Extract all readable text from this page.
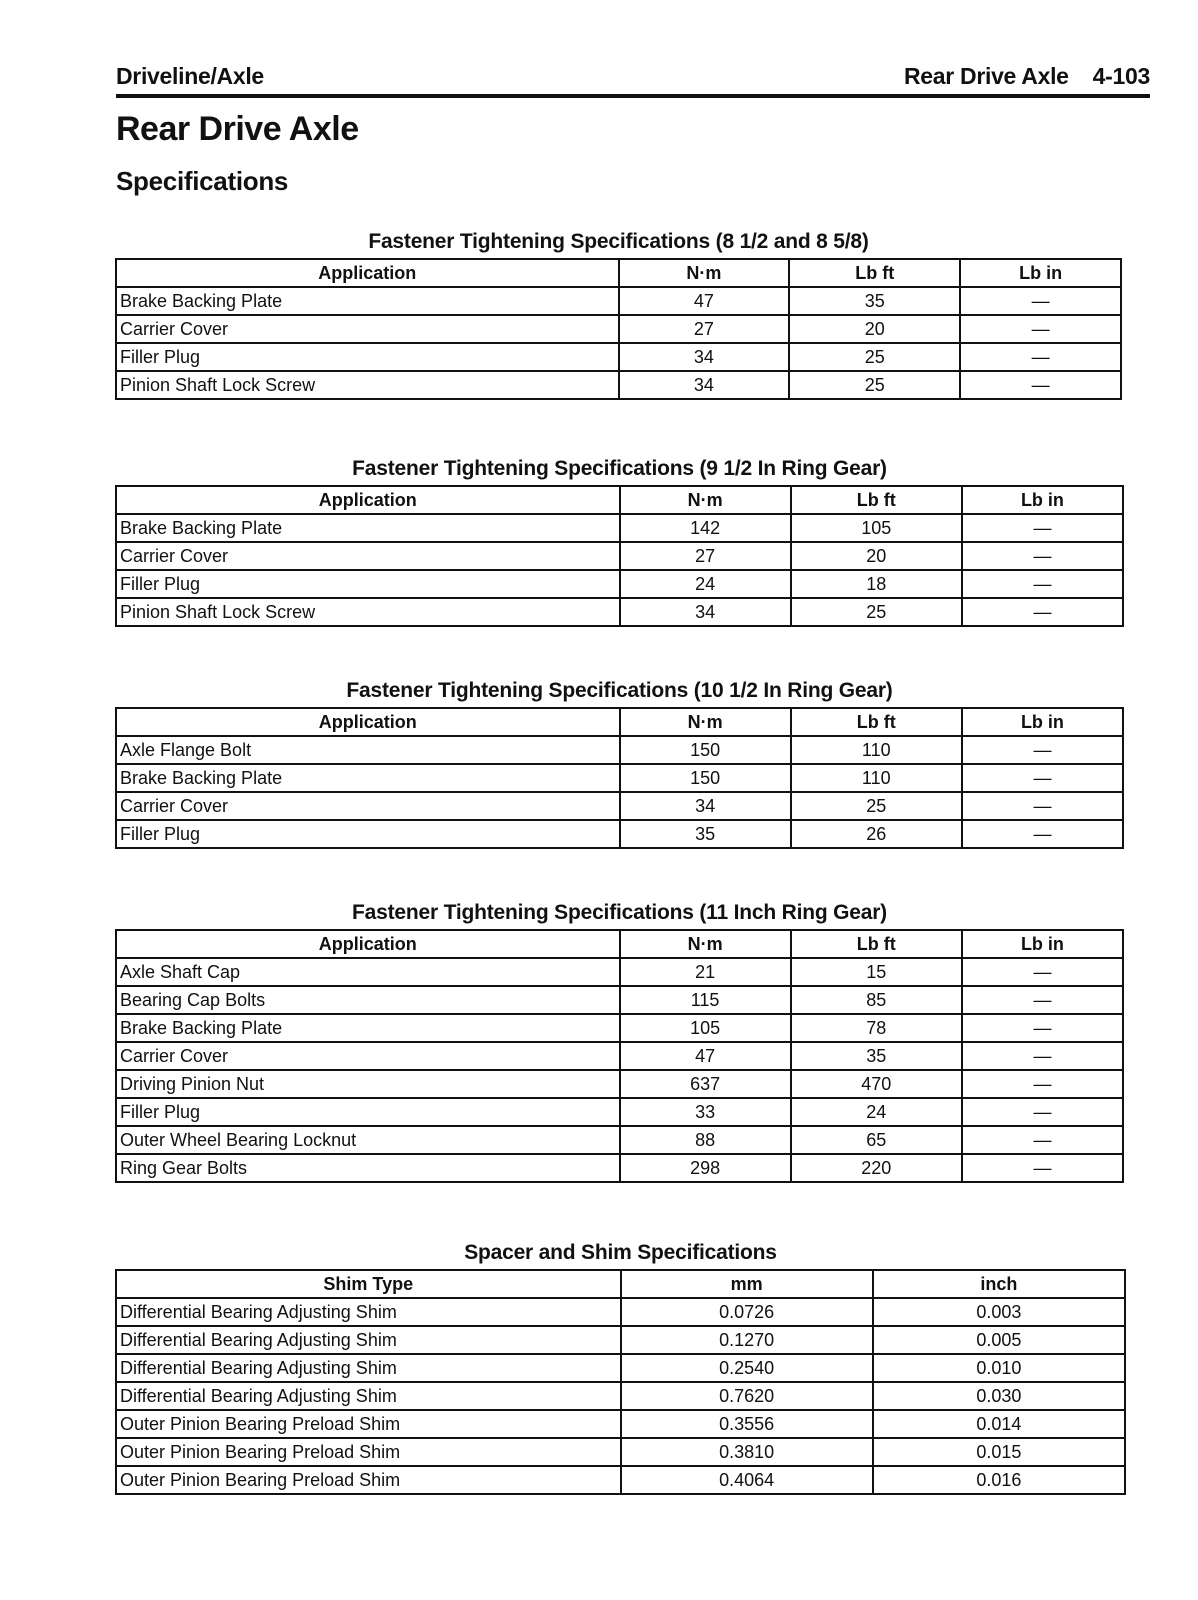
Driveline/Axle	Rear Drive Axle 4-103
Rear Drive Axle
Specifications
Fastener Tightening Specifications (8 1/2 and 8 5/8)
Application	N·m	Lb ft	Lb in
Brake Backing Plate	47	35	—
Carrier Cover	27	20	—
Filler Plug	34	25	—
Pinion Shaft Lock Screw	34	25	—
Fastener Tightening Specifications (9 1/2 In Ring Gear)
Application	N·m	Lb ft	Lb in
Brake Backing Plate	142	105	—
Carrier Cover	27	20	—
Filler Plug	24	18	—
Pinion Shaft Lock Screw	34	25	—
Fastener Tightening Specifications (10 1/2 In Ring Gear)
Application	N·m	Lb ft	Lb in
Axle Flange Bolt	150	110	—
Brake Backing Plate	150	110	—
Carrier Cover	34	25	—
Filler Plug	35	26	—
Fastener Tightening Specifications (11 Inch Ring Gear)
Application	N·m	Lb ft	Lb in
Axle Shaft Cap	21	15	—
Bearing Cap Bolts	115	85	—
Brake Backing Plate	105	78	—
Carrier Cover	47	35	—
Driving Pinion Nut	637	470	—
Filler Plug	33	24	—
Outer Wheel Bearing Locknut	88	65	—
Ring Gear Bolts	298	220	—
Spacer and Shim Specifications
Shim Type	mm	inch
Differential Bearing Adjusting Shim	0.0726	0.003
Differential Bearing Adjusting Shim	0.1270	0.005
Differential Bearing Adjusting Shim	0.2540	0.010
Differential Bearing Adjusting Shim	0.7620	0.030
Outer Pinion Bearing Preload Shim	0.3556	0.014
Outer Pinion Bearing Preload Shim	0.3810	0.015
Outer Pinion Bearing Preload Shim	0.4064	0.016
